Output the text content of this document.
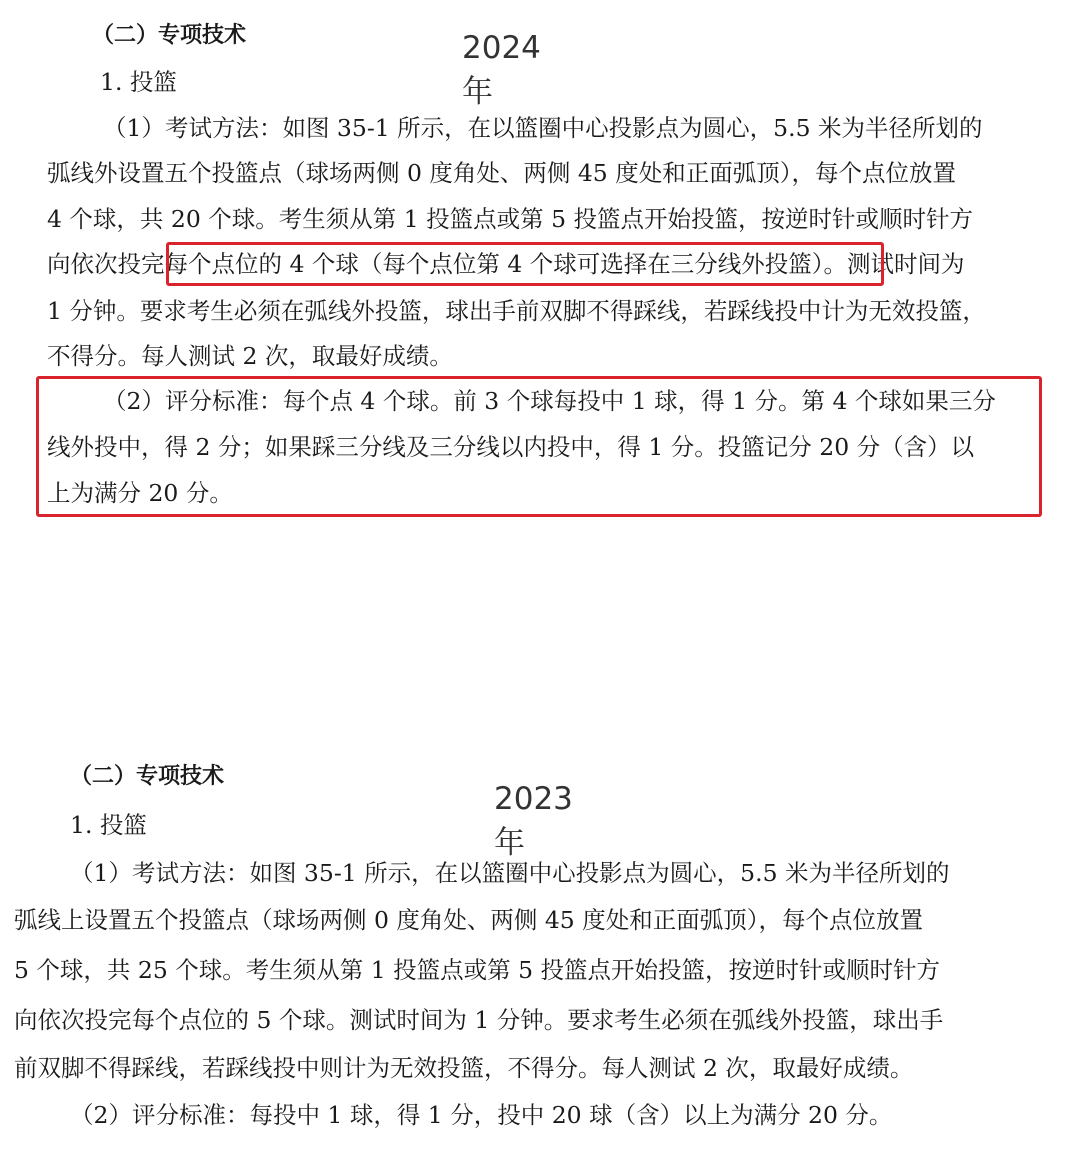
（二）专项技术	2024年
1. 投篮
（1）考试方法：如图 35-1 所示，在以篮圈中心投影点为圆心，5.5 米为半径所划的
弧线外设置五个投篮点（球场两侧 0 度角处、两侧 45 度处和正面弧顶），每个点位放置
4 个球，共 20 个球。考生须从第 1 投篮点或第 5 投篮点开始投篮，按逆时针或顺时针方
向依次投完每个点位的 4 个球（每个点位第 4 个球可选择在三分线外投篮）。测试时间为
1 分钟。要求考生必须在弧线外投篮，球出手前双脚不得踩线，若踩线投中计为无效投篮，
不得分。每人测试 2 次，取最好成绩。
（2）评分标准：每个点 4 个球。前 3 个球每投中 1 球，得 1 分。第 4 个球如果三分
线外投中，得 2 分；如果踩三分线及三分线以内投中，得 1 分。投篮记分 20 分（含）以
上为满分 20 分。
（二）专项技术
2023年
1. 投篮
（1）考试方法：如图 35-1 所示，在以篮圈中心投影点为圆心，5.5 米为半径所划的
弧线上设置五个投篮点（球场两侧 0 度角处、两侧 45 度处和正面弧顶），每个点位放置
5 个球，共 25 个球。考生须从第 1 投篮点或第 5 投篮点开始投篮，按逆时针或顺时针方
向依次投完每个点位的 5 个球。测试时间为 1 分钟。要求考生必须在弧线外投篮，球出手
前双脚不得踩线，若踩线投中则计为无效投篮，不得分。每人测试 2 次，取最好成绩。
（2）评分标准：每投中 1 球，得 1 分，投中 20 球（含）以上为满分 20 分。
